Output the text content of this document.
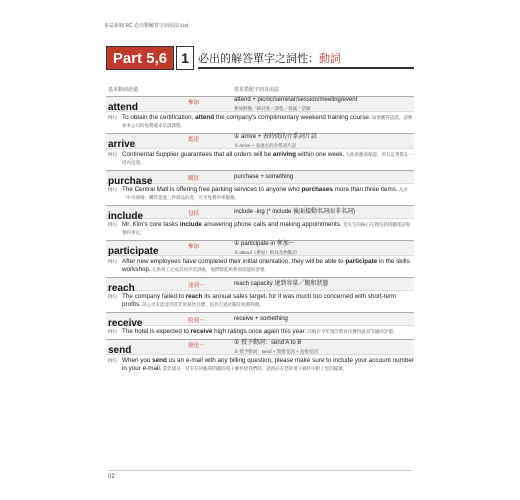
多益新制 RC 必出類解答字詞用法 List
Part 5,6	1 必出的解答單字之詞性：動詞
基本動詞語彙	常見搭配字詞及用法
attend	參加	attend + picnic/seminar/session/meeting/event
參加野餐／研討會／課程／會議／活動
例句 To obtain the certification, attend the company's complimentary weekend training course. 如欲獲得認證，請參加本公司的免費週末培訓課程。
arrive	抵達	① arrive + 表時間的介系詞片語
② arrive + 表地方的介系詞片語
例句 Continental Supplier guarantees that all orders will be arriving within one week. 大陸供應商保證，所有訂貨將在一周內送達。
purchase	購買	purchase + something
例句 The Central Mall is offering free parking services to anyone who purchases more than three items. 凡於「中央商場」購買超過三件商品的者，可享免費停車服務。
include	包括	include -ing (* include 後面接動名詞而非名詞)
例句 Mr. Kim's core tasks include answering phone calls and making appointments. 金先生的核心任務包括接聽電話和預約事宜。
participate	參加	① participate in 參加～
② attend（參加）則為及物動詞
例句 After new employees have completed their initial orientation, they will be able to participate in the skills workshop. 在新員工完成其初步培訓後，他們將能夠參與技能研習會。
reach	達到～	reach capacity 達到容量／飽和狀態
例句 The company failed to reach its annual sales target, for it was much too concerned with short-term profits. 該公司未能達到其年度銷售目標，因為它過於關注短期利潤。
receive	收到～	receive + something
例句 The hotel is expected to receive high ratings once again this year. 該飯店今年預計將再次獲得最高等級的評價。
send	發送～	① 授予動詞：send A to B
② 授予動詞：send + 間接受詞 + 直接受詞
例句 When you send us an e-mail with any billing question, please make sure to include your account number in your e-mail. 當您發送一封有任何帳單問題的電子郵件給我們時，請務必在您的電子郵件中附上您的帳號。
02
